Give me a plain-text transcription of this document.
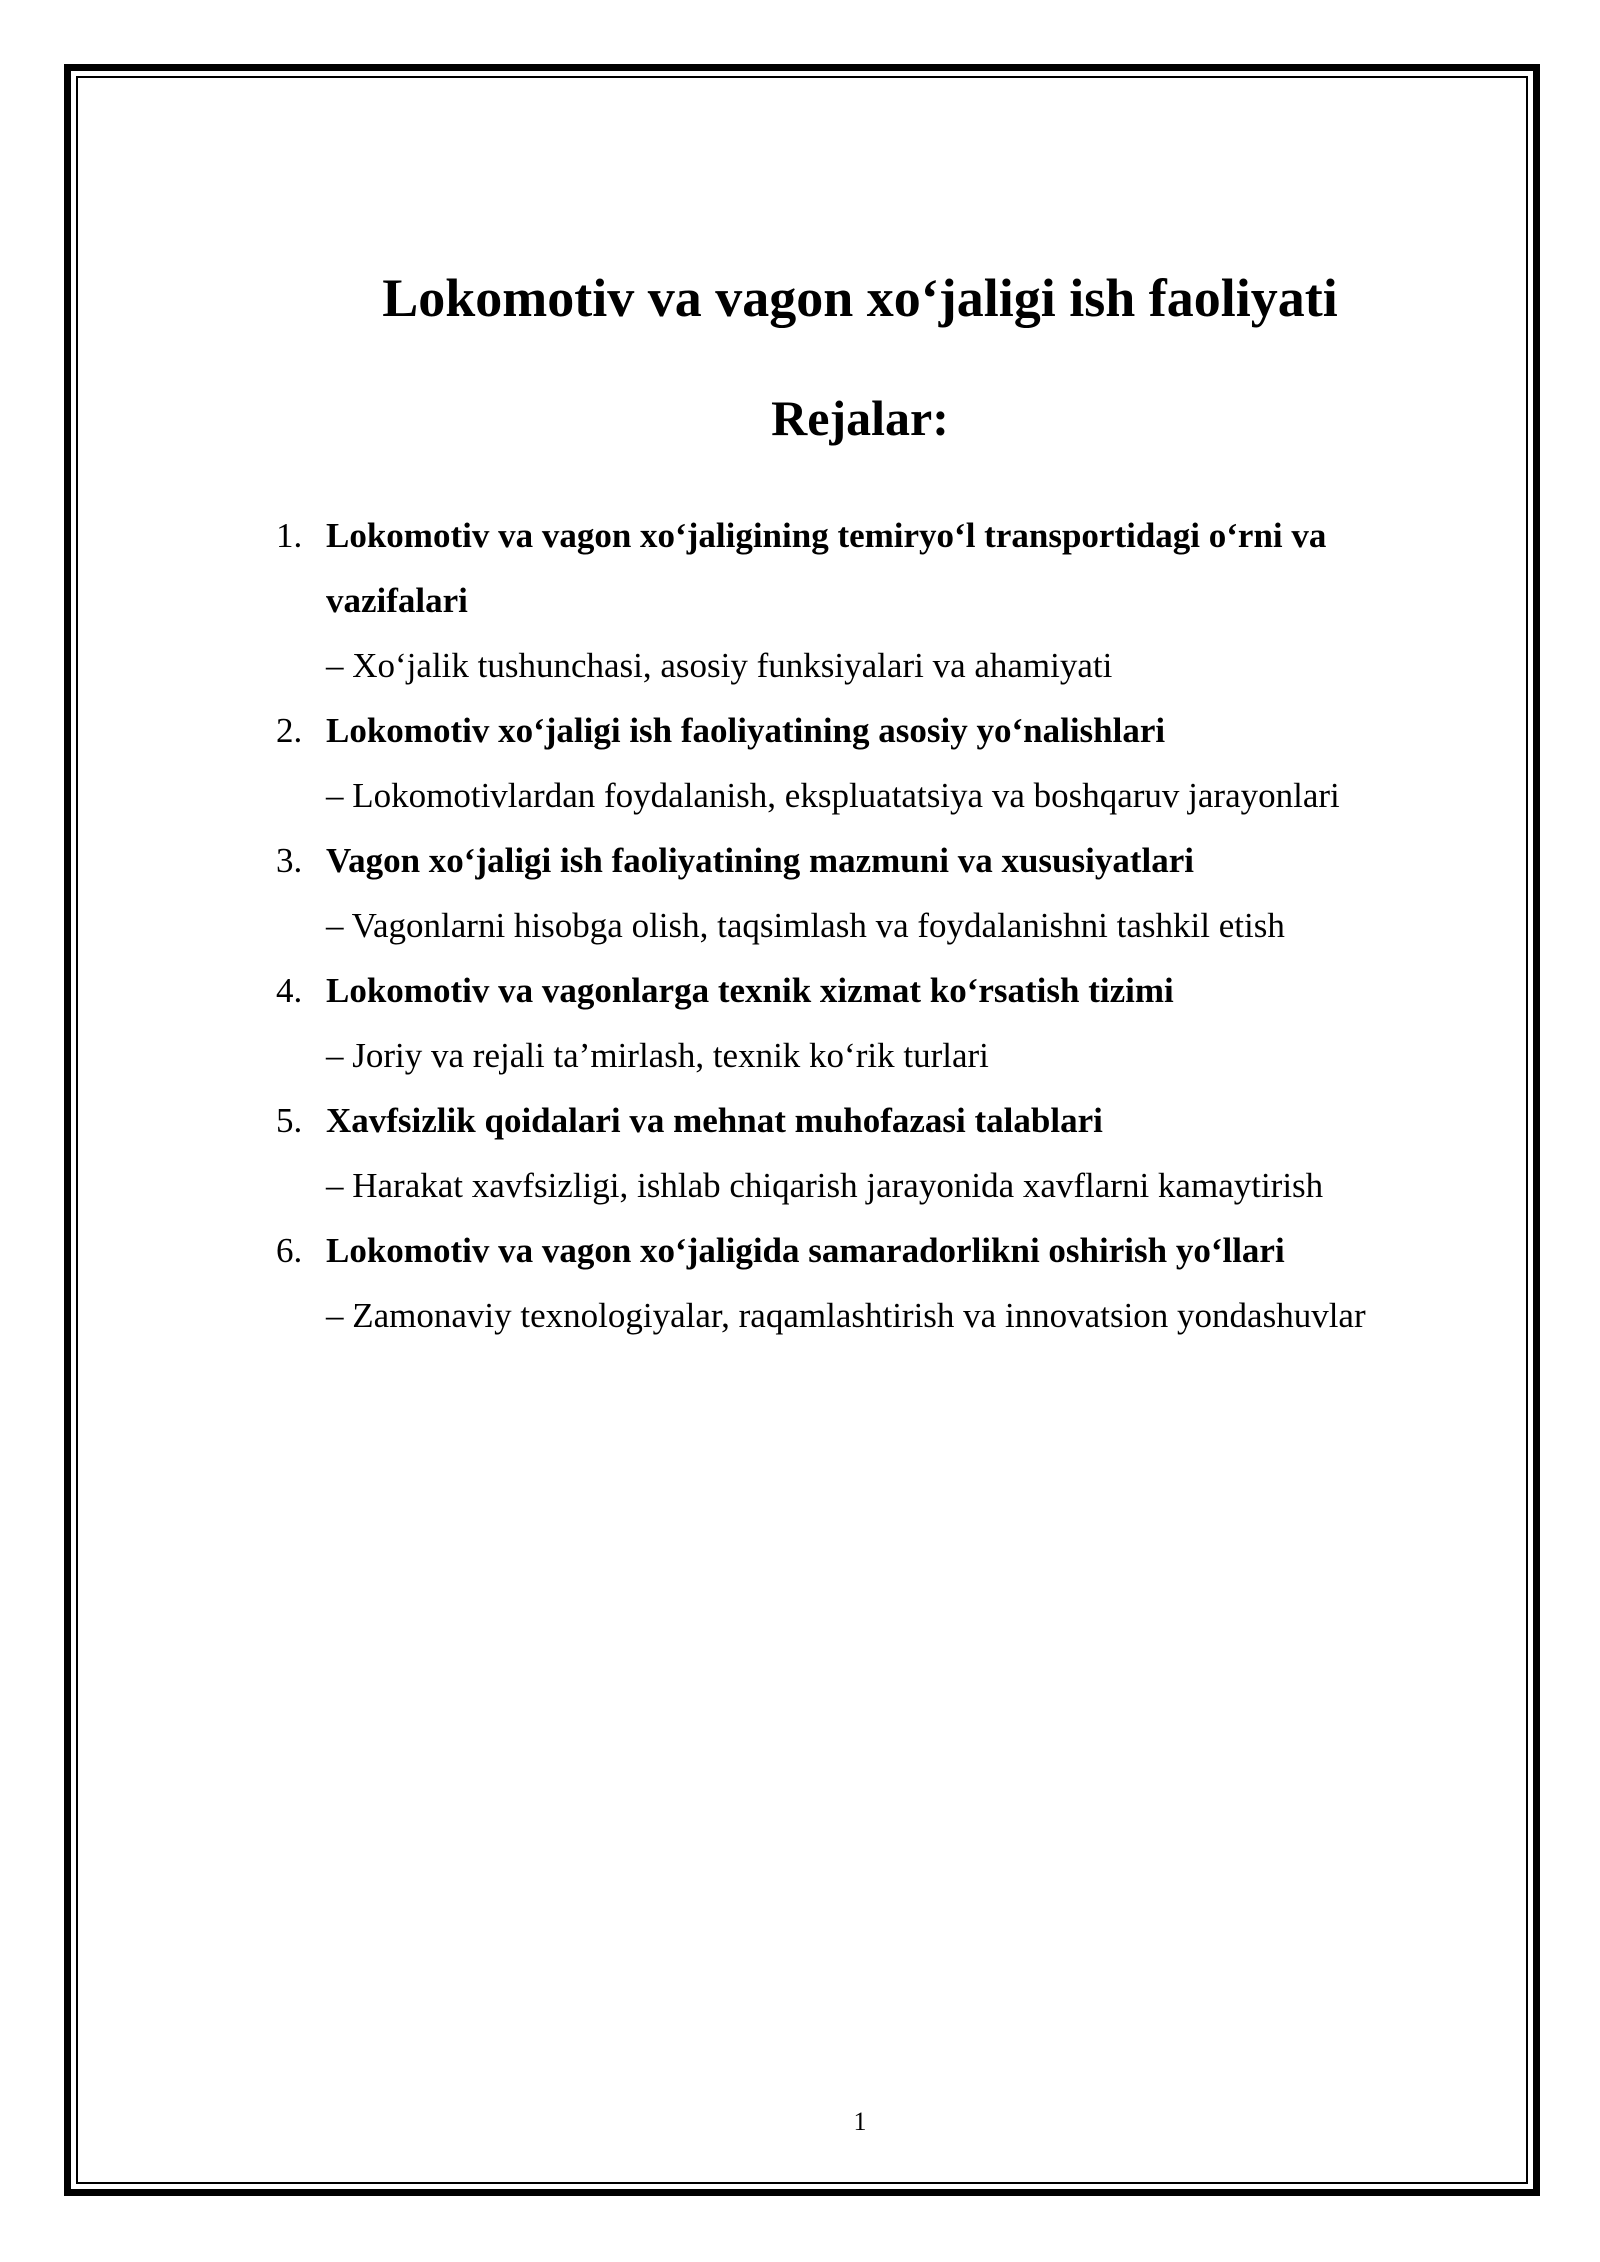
Lokomotiv va vagon xo‘jaligi ish faoliyati
Rejalar:
1. Lokomotiv va vagon xo‘jaligining temiryo‘l transportidagi o‘rni va vazifalari
– Xo‘jalik tushunchasi, asosiy funksiyalari va ahamiyati
2. Lokomotiv xo‘jaligi ish faoliyatining asosiy yo‘nalishlari
– Lokomotivlardan foydalanish, ekspluatatsiya va boshqaruv jarayonlari
3. Vagon xo‘jaligi ish faoliyatining mazmuni va xususiyatlari
– Vagonlarni hisobga olish, taqsimlash va foydalanishni tashkil etish
4. Lokomotiv va vagonlarga texnik xizmat ko‘rsatish tizimi
– Joriy va rejali ta’mirlash, texnik ko‘rik turlari
5. Xavfsizlik qoidalari va mehnat muhofazasi talablari
– Harakat xavfsizligi, ishlab chiqarish jarayonida xavflarni kamaytirish
6. Lokomotiv va vagon xo‘jaligida samaradorlikni oshirish yo‘llari
– Zamonaviy texnologiyalar, raqamlashtirish va innovatsion yondashuvlar
1
